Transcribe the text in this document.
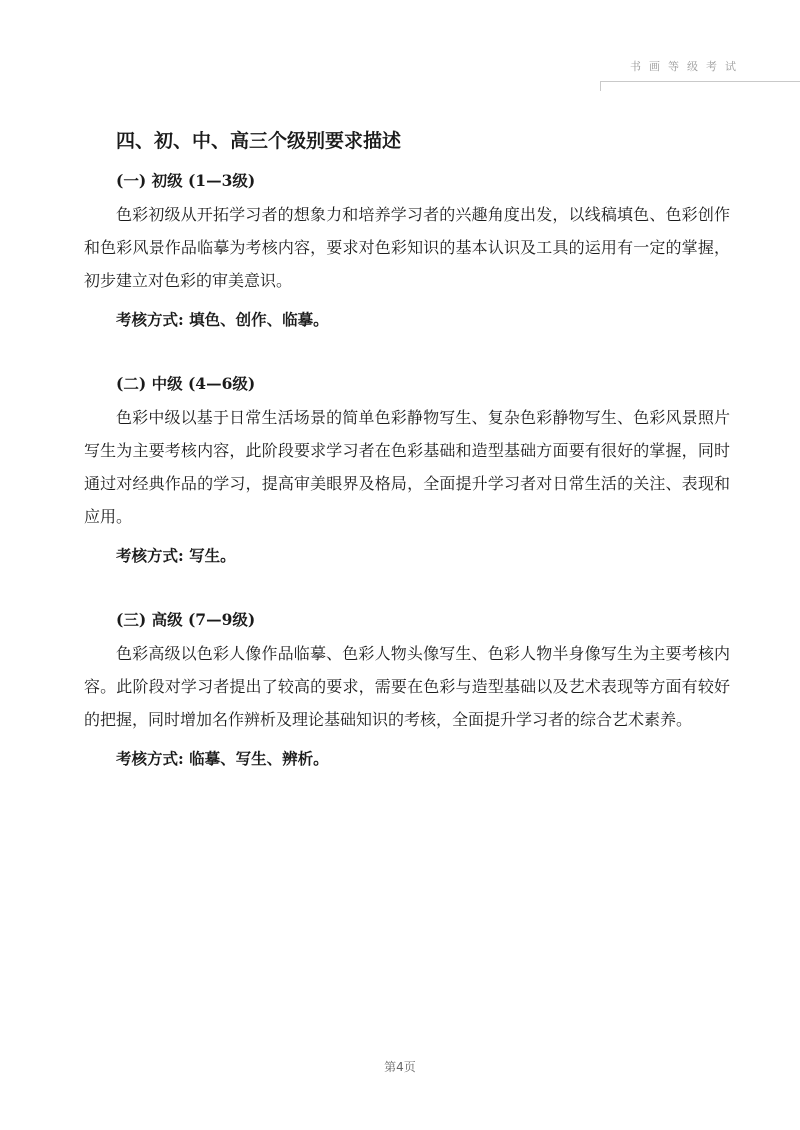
书画等级考试
四、初、中、高三个级别要求描述
(一) 初级 (1—3级)

色彩初级从开拓学习者的想象力和培养学习者的兴趣角度出发，以线稿填色、色彩创作和色彩风景作品临摹为考核内容，要求对色彩知识的基本认识及工具的运用有一定的掌握，初步建立对色彩的审美意识。

考核方式: 填色、创作、临摹。

(二) 中级 (4—6级)

色彩中级以基于日常生活场景的简单色彩静物写生、复杂色彩静物写生、色彩风景照片写生为主要考核内容，此阶段要求学习者在色彩基础和造型基础方面要有很好的掌握，同时通过对经典作品的学习，提高审美眼界及格局，全面提升学习者对日常生活的关注、表现和应用。

考核方式: 写生。

(三) 高级 (7—9级)

色彩高级以色彩人像作品临摹、色彩人物头像写生、色彩人物半身像写生为主要考核内容。此阶段对学习者提出了较高的要求，需要在色彩与造型基础以及艺术表现等方面有较好的把握，同时增加名作辨析及理论基础知识的考核，全面提升学习者的综合艺术素养。

考核方式: 临摹、写生、辨析。

第4页
